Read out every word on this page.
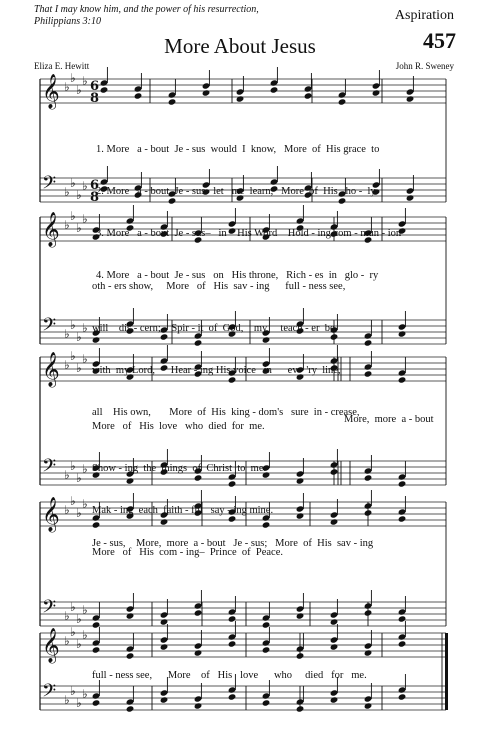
That I may know him, and the power of his resurrection,
Philippians 3:10	Aspiration
457
More About Jesus
Eliza E. Hewitt	John R. Sweney
𝄞 ♭
♭
♭
♭ 6
8
𝄢 ♭
♭
♭
♭ 6
8
𝄞 ♭
♭
♭
♭
𝄢 ♭
♭
♭
♭
𝄞 ♭
♭
♭
♭
𝄢 ♭
♭
♭
♭
𝄞 ♭
♭
♭
♭
𝄢 ♭
♭
♭
♭
𝄞 ♭
♭
♭
♭
𝄢 ♭
♭
♭
♭

1. More   a - bout  Je - sus  would  I  know,   More  of  His grace  to

2. More   a - bout  Je - sus   let   me  learn,   More  of  His   ho -  ly

3. More   a - bout  Je - sus–   in    His Word    Hold - ing com - mun - ion

4. More   a - bout  Je - sus   on   His throne,   Rich - es  in   glo -  ry

oth - ers show,     More   of   His  sav - ing      full - ness see,

will    dis - cern;    Spir - it  of  God,    my     teach - er  be,

with  my Lord,      Hear - ing His voice   in      ev - 'ry  line,

all    His own,       More  of  His  king - dom's   sure  in - crease,

More   of   His  love   who  died  for  me.

Show - ing  the  things  of  Christ  to  me.

Mak - ing  each  faith - ful   say - ing mine.

More   of   His  com - ing–  Prince  of  Peace.

More,  more  a - bout
Je - sus,    More,  more  a - bout   Je - sus;   More  of  His  sav - ing
full - ness see,      More    of   His   love      who     died   for   me.
